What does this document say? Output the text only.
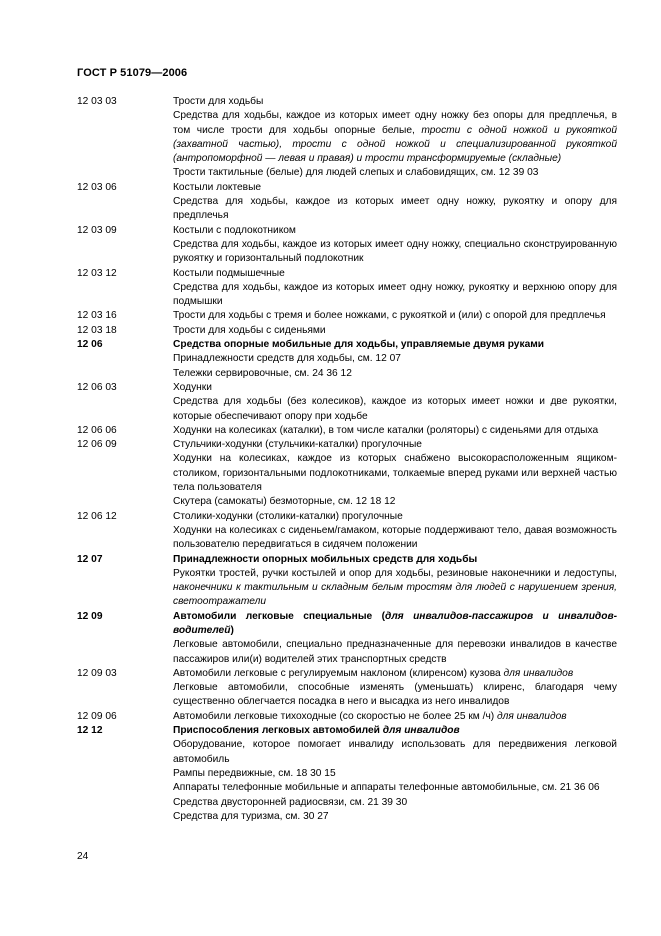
ГОСТ Р 51079—2006
12 03 03	Трости для ходьбы
Средства для ходьбы, каждое из которых имеет одну ножку без опоры для предплечья, в том числе трости для ходьбы опорные белые, трости с одной ножкой и рукояткой (захватной частью), трости с одной ножкой и специализированной рукояткой (антропоморфной — левая и правая) и трости трансформируемые (складные)
Трости тактильные (белые) для людей слепых и слабовидящих, см. 12 39 03
12 03 06	Костыли локтевые
Средства для ходьбы, каждое из которых имеет одну ножку, рукоятку и опору для предплечья
12 03 09	Костыли с подлокотником
Средства для ходьбы, каждое из которых имеет одну ножку, специально сконструированную рукоятку и горизонтальный подлокотник
12 03 12	Костыли подмышечные
Средства для ходьбы, каждое из которых имеет одну ножку, рукоятку и верхнюю опору для подмышки
12 03 16	Трости для ходьбы с тремя и более ножками, с рукояткой и (или) с опорой для предплечья
12 03 18	Трости для ходьбы с сиденьями
12 06	Средства опорные мобильные для ходьбы, управляемые двумя руками
Принадлежности средств для ходьбы, см. 12 07
Тележки сервировочные, см. 24 36 12
12 06 03	Ходунки
Средства для ходьбы (без колесиков), каждое из которых имеет ножки и две рукоятки, которые обеспечивают опору при ходьбе
12 06 06	Ходунки на колесиках (каталки), в том числе каталки (роляторы) с сиденьями для отдыха
12 06 09	Стульчики-ходунки (стульчики-каталки) прогулочные
Ходунки на колесиках, каждое из которых снабжено высокорасположенным ящиком-столиком, горизонтальными подлокотниками, толкаемые вперед руками или верхней частью тела пользователя
Скутера (самокаты) безмоторные, см. 12 18 12
12 06 12	Столики-ходунки (столики-каталки) прогулочные
Ходунки на колесиках с сиденьем/гамаком, которые поддерживают тело, давая возможность пользователю передвигаться в сидячем положении
12 07	Принадлежности опорных мобильных средств для ходьбы
Рукоятки тростей, ручки костылей и опор для ходьбы, резиновые наконечники и ледоступы, наконечники к тактильным и складным белым тростям для людей с нарушением зрения, светоотражатели
12 09	Автомобили легковые специальные (для инвалидов-пассажиров и инвалидов-водителей)
Легковые автомобили, специально предназначенные для перевозки инвалидов в качестве пассажиров или(и) водителей этих транспортных средств
12 09 03	Автомобили легковые с регулируемым наклоном (клиренсом) кузова для инвалидов
Легковые автомобили, способные изменять (уменьшать) клиренс, благодаря чему существенно облегчается посадка в него и высадка из него инвалидов
12 09 06	Автомобили легковые тихоходные (со скоростью не более 25 км /ч) для инвалидов
12 12	Приспособления легковых автомобилей для инвалидов
Оборудование, которое помогает инвалиду использовать для передвижения легковой автомобиль
Рампы передвижные, см. 18 30 15
Аппараты телефонные мобильные и аппараты телефонные автомобильные, см. 21 36 06
Средства двусторонней радиосвязи, см. 21 39 30
Средства для туризма, см. 30 27
24
